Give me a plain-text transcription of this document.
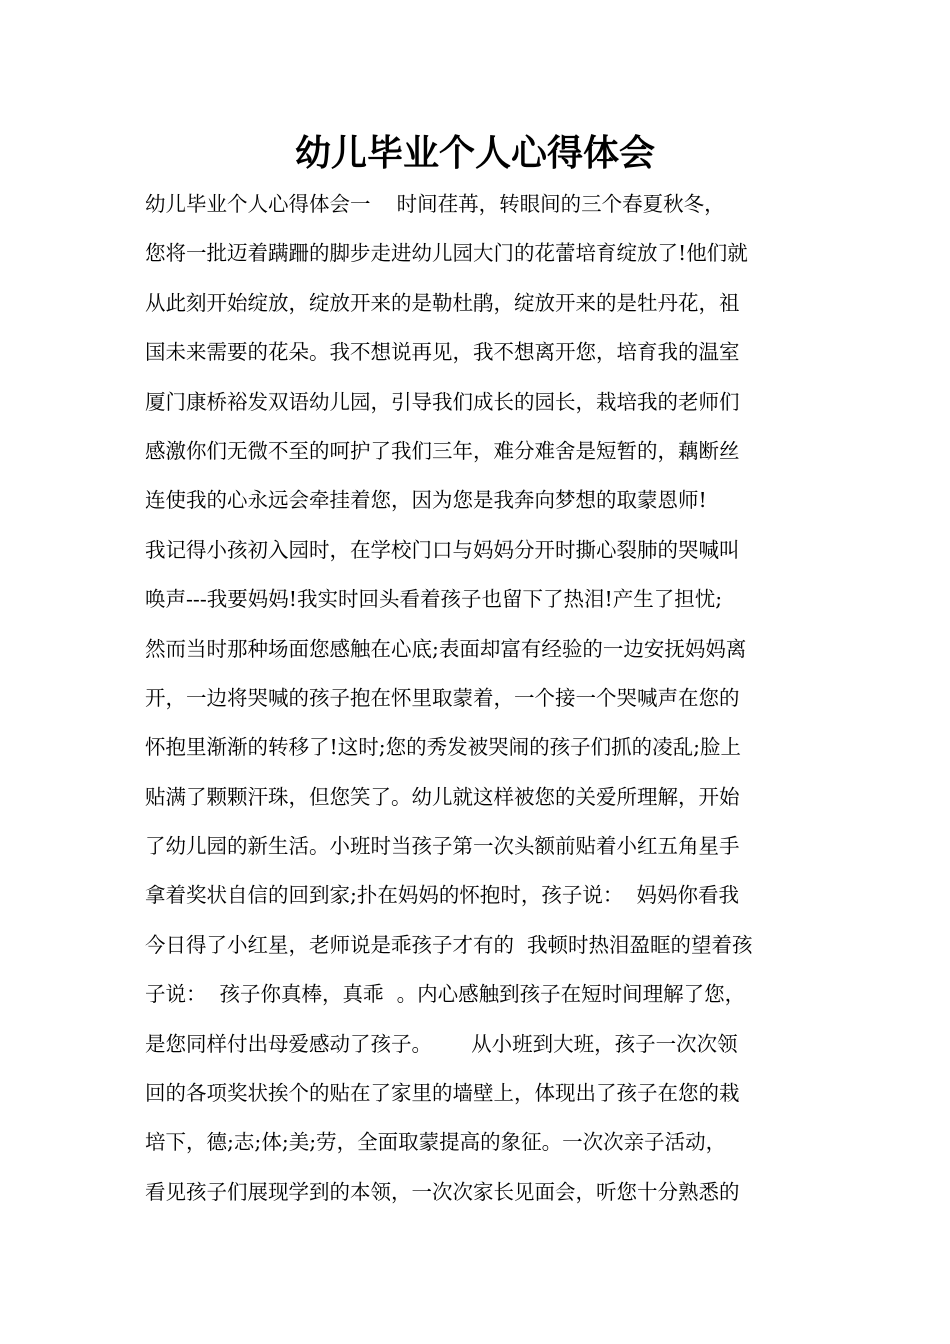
幼儿毕业个人心得体会
幼儿毕业个人心得体会一    时间荏苒，转眼间的三个春夏秋冬，
您将一批迈着蹒跚的脚步走进幼儿园大门的花蕾培育绽放了!他们就
从此刻开始绽放，绽放开来的是勒杜鹃，绽放开来的是牡丹花，祖
国未来需要的花朵。我不想说再见，我不想离开您，培育我的温室
厦门康桥裕发双语幼儿园，引导我们成长的园长，栽培我的老师们
感激你们无微不至的呵护了我们三年，难分难舍是短暂的，藕断丝
连使我的心永远会牵挂着您，因为您是我奔向梦想的取蒙恩师!
我记得小孩初入园时，在学校门口与妈妈分开时撕心裂肺的哭喊叫
唤声---我要妈妈!我实时回头看着孩子也留下了热泪!产生了担忧;
然而当时那种场面您感触在心底;表面却富有经验的一边安抚妈妈离
开，一边将哭喊的孩子抱在怀里取蒙着，一个接一个哭喊声在您的
怀抱里渐渐的转移了!这时;您的秀发被哭闹的孩子们抓的凌乱;脸上
贴满了颗颗汗珠，但您笑了。幼儿就这样被您的关爱所理解，开始
了幼儿园的新生活。小班时当孩子第一次头额前贴着小红五角星手
拿着奖状自信的回到家;扑在妈妈的怀抱时，孩子说：  妈妈你看我
今日得了小红星，老师说是乖孩子才有的  我顿时热泪盈眶的望着孩
子说：  孩子你真棒，真乖  。内心感触到孩子在短时间理解了您，
是您同样付出母爱感动了孩子。      从小班到大班，孩子一次次领
回的各项奖状挨个的贴在了家里的墙壁上，体现出了孩子在您的栽
培下，德;志;体;美;劳，全面取蒙提高的象征。一次次亲子活动，
看见孩子们展现学到的本领，一次次家长见面会，听您十分熟悉的
